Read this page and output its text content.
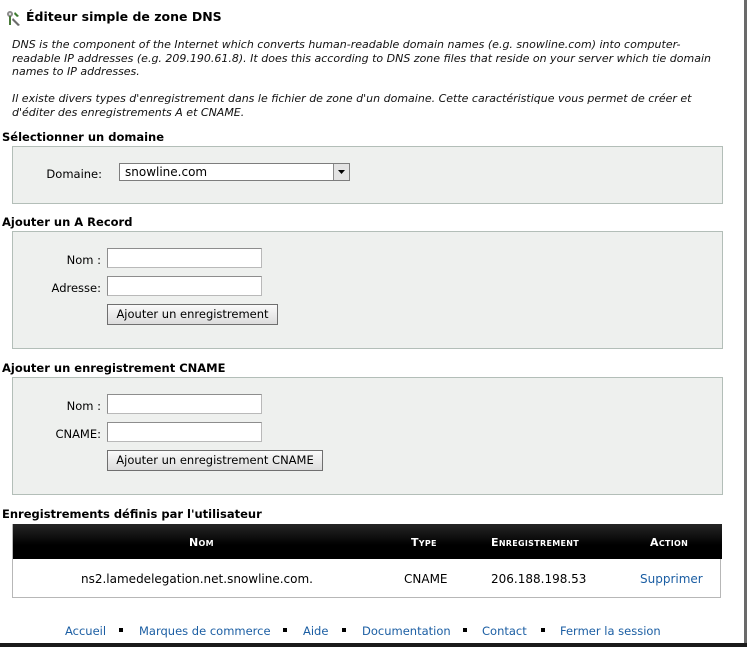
Éditeur simple de zone DNS
DNS is the component of the Internet which converts human-readable domain names (e.g. snowline.com) into computer-readable IP addresses (e.g. 209.190.61.8). It does this according to DNS zone files that reside on your server which tie domain names to IP addresses.
Il existe divers types d'enregistrement dans le fichier de zone d'un domaine. Cette caractéristique vous permet de créer et d'éditer des enregistrements A et CNAME.
Sélectionner un domaine
Domaine: snowline.com
Ajouter un A Record
Nom :
Adresse:
Ajouter un enregistrement
Ajouter un enregistrement CNAME
Nom :
CNAME:
Ajouter un enregistrement CNAME
Enregistrements définis par l'utilisateur
Nom	Type	Enregistrement	Action
ns2.lamedelegation.net.snowline.com.	CNAME	206.188.198.53	Supprimer
Accueil	Marques de commerce	Aide	Documentation	Contact	Fermer la session
